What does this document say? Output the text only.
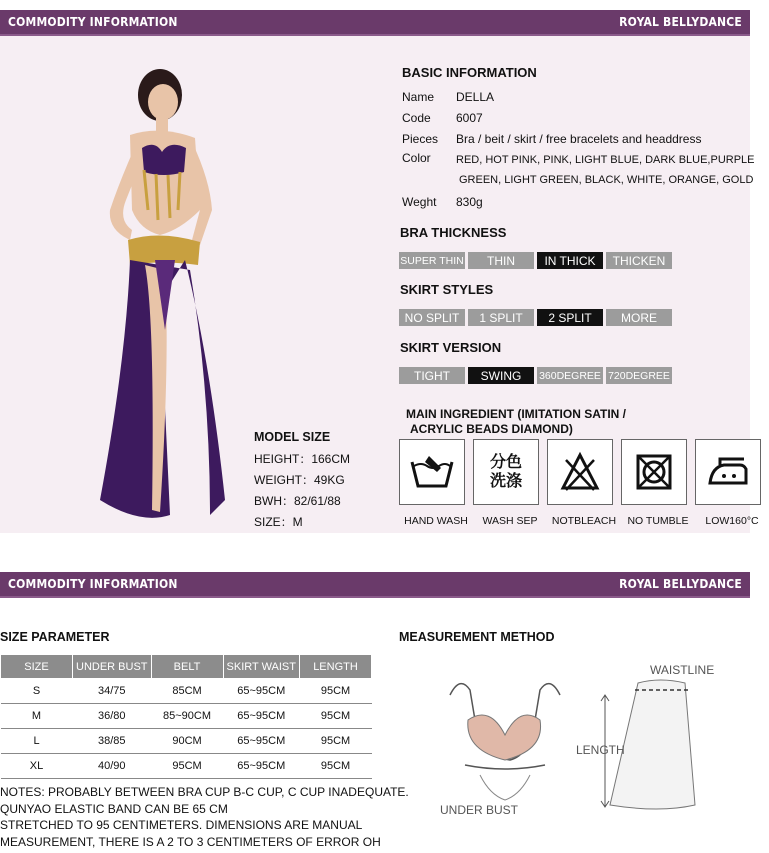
COMMODITY INFORMATION	ROYAL BELLYDANCE
BASIC INFORMATION
Name	DELLA
Code	6007
Pieces	Bra / beit / skirt / free bracelets and headdress
Color	RED, HOT PINK, PINK, LIGHT BLUE, DARK BLUE,PURPLE
GREEN, LIGHT GREEN, BLACK, WHITE, ORANGE, GOLD
Weght	830g
BRA THICKNESS
SUPER THIN	THIN	IN THICK	THICKEN
SKIRT STYLES
NO SPLIT	1 SPLIT	2 SPLIT	MORE
SKIRT VERSION
TIGHT	SWING	360DEGREE 720DEGREE
MAIN INGREDIENT (IMITATION SATIN /
ACRYLIC BEADS DIAMOND)
分色
洗涤
HAND WASH	WASH SEP	NOTBLEACH	NO TUMBLE	LOW160°C
MODEL SIZE
HEIGHT：166CM
WEIGHT：49KG
BWH：82/61/88
SIZE：M
COMMODITY INFORMATION	ROYAL BELLYDANCE
SIZE PARAMETER
SIZE	UNDER BUST	BELT	SKIRT WAIST	LENGTH
S	34/75	85CM	65~95CM	95CM
M	36/80	85~90CM	65~95CM	95CM
L	38/85	90CM	65~95CM	95CM
XL	40/90	95CM	65~95CM	95CM
NOTES: PROBABLY BETWEEN BRA CUP B-C CUP, C CUP INADEQUATE.
QUNYAO ELASTIC BAND CAN BE 65 CM
STRETCHED TO 95 CENTIMETERS. DIMENSIONS ARE MANUAL
MEASUREMENT, THERE IS A 2 TO 3 CENTIMETERS OF ERROR OH
MEASUREMENT METHOD
UNDER BUST
WAISTLINE
LENGTH
